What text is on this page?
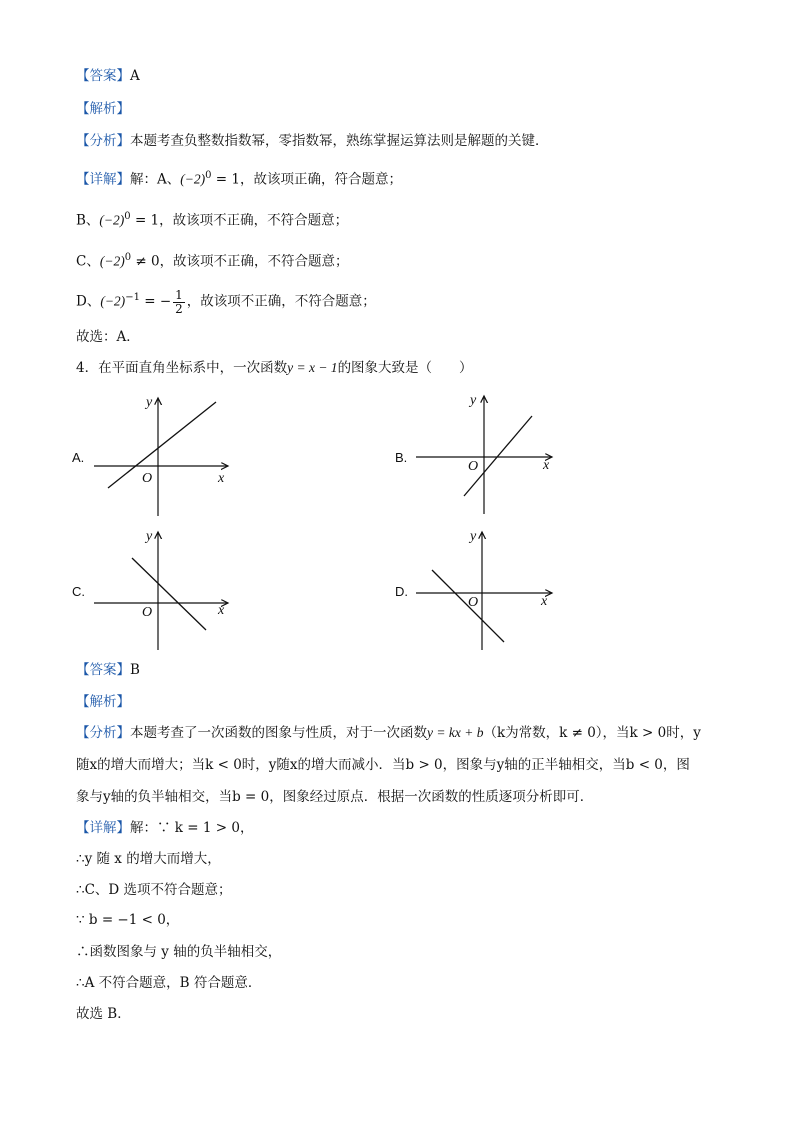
【答案】A
【解析】
【分析】本题考查负整数指数幂，零指数幂，熟练掌握运算法则是解题的关键．
【详解】解：A、$(-2)^0 = 1$，故该项正确，符合题意；
B、$(-2)^0 = 1$，故该项不正确，不符合题意；
C、$(-2)^0 \ne 0$，故该项不正确，不符合题意；
D、$(-2)^{-1}$ = − $\frac{1}{2}$ ，故该项不正确，不符合题意；
故选：A．
4．在平面直角坐标系中，一次函数y = x − 1的图象大致是（　　）
A.
x
y
O
B.
x
y
O
C.
x
y
O
D.
x
y
O
【答案】B
【解析】
【分析】本题考查了一次函数的图象与性质，对于一次函数y = kx + b（k为常数，k ≠ 0），当k > 0时，y
随x的增大而增大；当k < 0时，y随x的增大而减小．当b > 0，图象与y轴的正半轴相交，当b < 0，图
象与y轴的负半轴相交，当b = 0，图象经过原点．根据一次函数的性质逐项分析即可．
【详解】解：∵ k = 1 > 0，
∴y 随 x 的增大而增大，
∴C、D 选项不符合题意；
∵ b = −1 < 0，
∴函数图象与 y 轴的负半轴相交，
∴A 不符合题意，B 符合题意．
故选 B．
